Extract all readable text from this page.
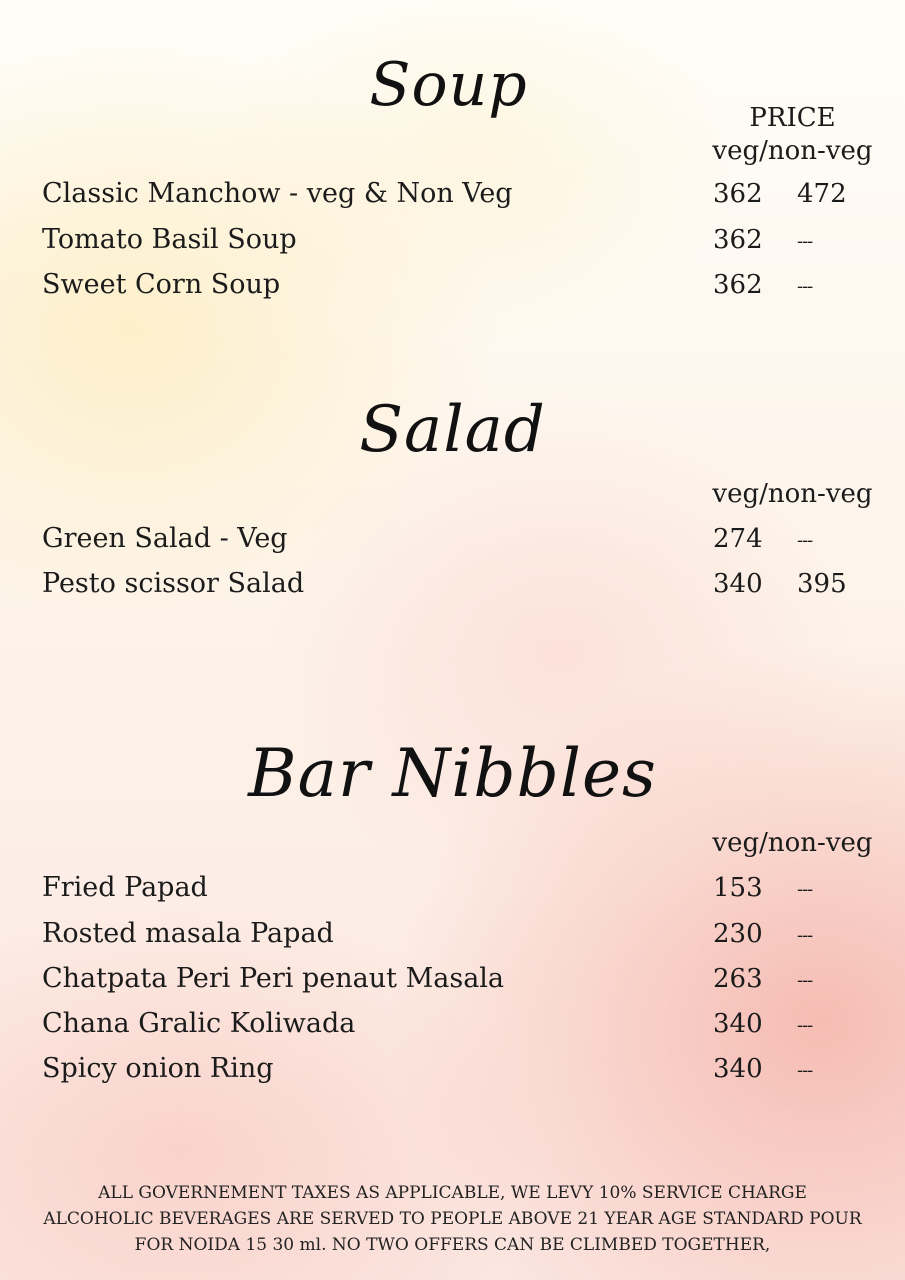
Soup	PRICE
veg/non-veg
Classic Manchow - veg & Non Veg	362 472
Tomato Basil Soup	362 ---
Sweet Corn Soup	362 ---
Salad
veg/non-veg
Green Salad - Veg	274 ---
Pesto scissor Salad	340 395
Bar Nibbles
veg/non-veg
Fried Papad	153 ---
Rosted masala Papad	230 ---
Chatpata Peri Peri penaut Masala	263 ---
Chana Gralic Koliwada	340 ---
Spicy onion Ring	340 ---
ALL GOVERNEMENT TAXES AS APPLICABLE, WE LEVY 10% SERVICE CHARGE
ALCOHOLIC BEVERAGES ARE SERVED TO PEOPLE ABOVE 21 YEAR AGE STANDARD POUR
FOR NOIDA 15 30 ml. NO TWO OFFERS CAN BE CLIMBED TOGETHER,
